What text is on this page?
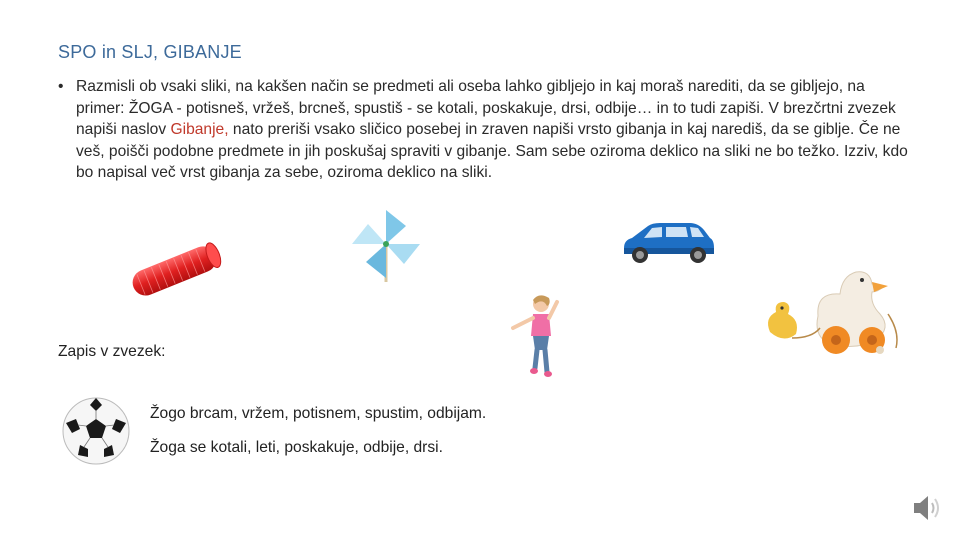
SPO in SLJ, GIBANJE
• Razmisli ob vsaki sliki, na kakšen način se predmeti ali oseba lahko gibljejo in kaj moraš narediti, da se gibljejo, na primer: ŽOGA - potisneš, vržeš, brcneš, spustiš - se kotali, poskakuje, drsi, odbije… in to tudi zapiši. V brezčrtni zvezek napiši naslov Gibanje, nato preriši vsako sličico posebej in zraven napiši vrsto gibanja in kaj narediš, da se giblje. Če ne veš, poišči podobne predmete in jih poskušaj spraviti v gibanje. Sam sebe oziroma deklico na sliki ne bo težko. Izziv, kdo bo napisal več vrst gibanja za sebe, oziroma deklico na sliki.
Zapis v zvezek:
Žogo brcam, vržem, potisnem, spustim, odbijam.
Žoga se kotali, leti, poskakuje, odbije, drsi.
